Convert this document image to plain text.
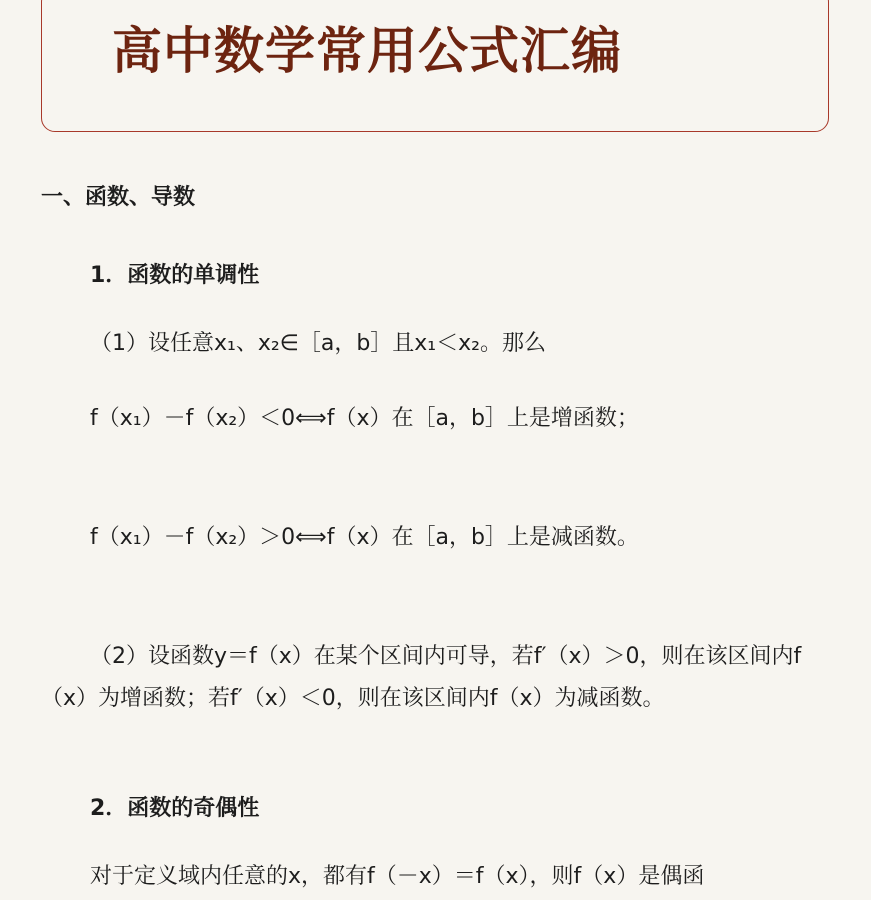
高中数学常用公式汇编
一、函数、导数
1．函数的单调性
（1）设任意x₁、x₂∈［a，b］且x₁＜x₂。那么
f（x₁）－f（x₂）＜0⟺f（x）在［a，b］上是增函数；
f（x₁）－f（x₂）＞0⟺f（x）在［a，b］上是减函数。
（2）设函数y＝f（x）在某个区间内可导，若f′（x）＞0，则在该区间内f（x）为增函数；若f′（x）＜0，则在该区间内f（x）为减函数。
2．函数的奇偶性
对于定义域内任意的x，都有f（－x）＝f（x），则f（x）是偶函
